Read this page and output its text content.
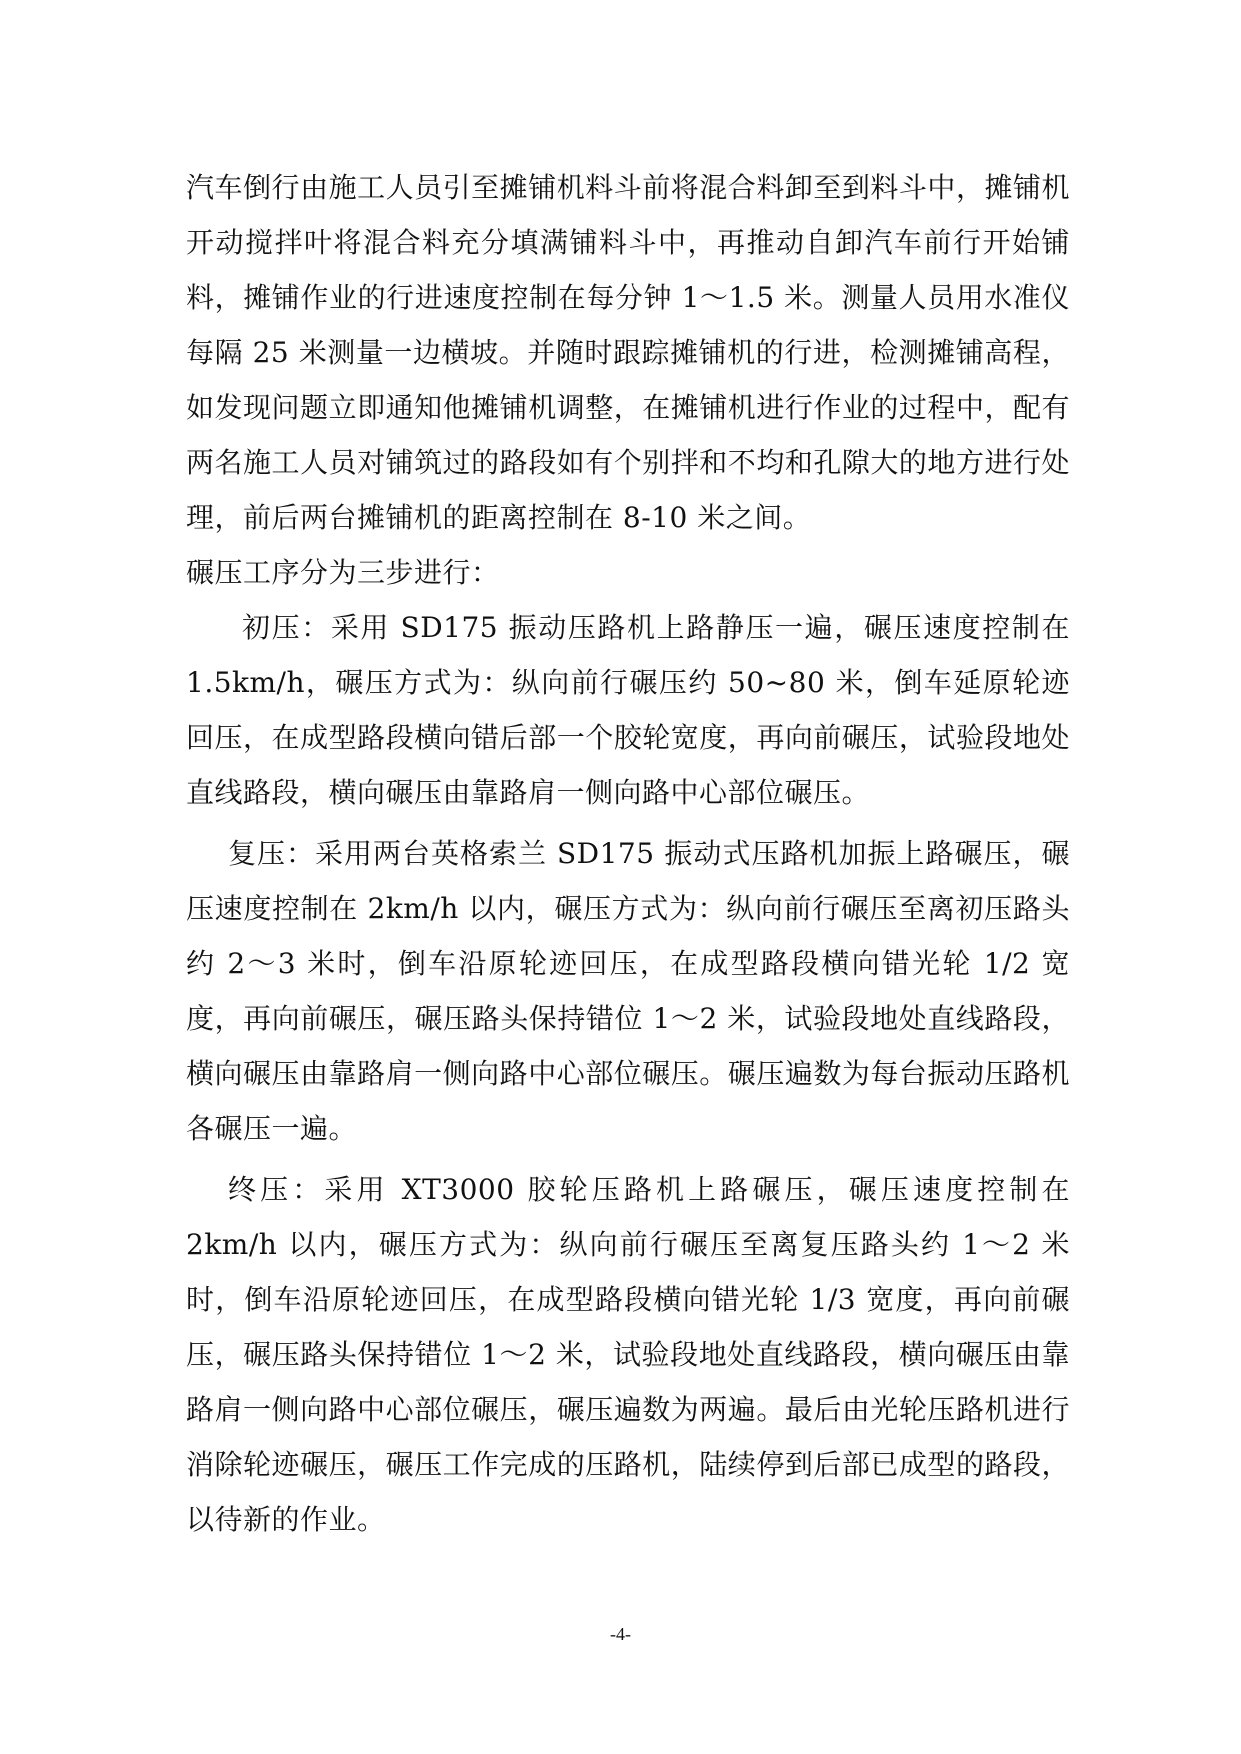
汽车倒行由施工人员引至摊铺机料斗前将混合料卸至到料斗中，摊铺机开动搅拌叶将混合料充分填满铺料斗中，再推动自卸汽车前行开始铺料，摊铺作业的行进速度控制在每分钟 1～1.5 米。测量人员用水准仪每隔 25 米测量一边横坡。并随时跟踪摊铺机的行进，检测摊铺高程，如发现问题立即通知他摊铺机调整，在摊铺机进行作业的过程中，配有两名施工人员对铺筑过的路段如有个别拌和不均和孔隙大的地方进行处理，前后两台摊铺机的距离控制在 8-10 米之间。

碾压工序分为三步进行：

初压：采用 SD175 振动压路机上路静压一遍，碾压速度控制在 1.5km/h，碾压方式为：纵向前行碾压约 50~80 米，倒车延原轮迹回压，在成型路段横向错后部一个胶轮宽度，再向前碾压，试验段地处直线路段，横向碾压由靠路肩一侧向路中心部位碾压。

复压：采用两台英格索兰 SD175 振动式压路机加振上路碾压，碾压速度控制在 2km/h 以内，碾压方式为：纵向前行碾压至离初压路头约 2～3 米时，倒车沿原轮迹回压，在成型路段横向错光轮 1/2 宽度，再向前碾压，碾压路头保持错位 1～2 米，试验段地处直线路段，横向碾压由靠路肩一侧向路中心部位碾压。碾压遍数为每台振动压路机各碾压一遍。

终压：采用 XT3000 胶轮压路机上路碾压，碾压速度控制在 2km/h 以内，碾压方式为：纵向前行碾压至离复压路头约 1～2 米时，倒车沿原轮迹回压，在成型路段横向错光轮 1/3 宽度，再向前碾压，碾压路头保持错位 1～2 米，试验段地处直线路段，横向碾压由靠路肩一侧向路中心部位碾压，碾压遍数为两遍。最后由光轮压路机进行消除轮迹碾压，碾压工作完成的压路机，陆续停到后部已成型的路段，以待新的作业。

-4-
